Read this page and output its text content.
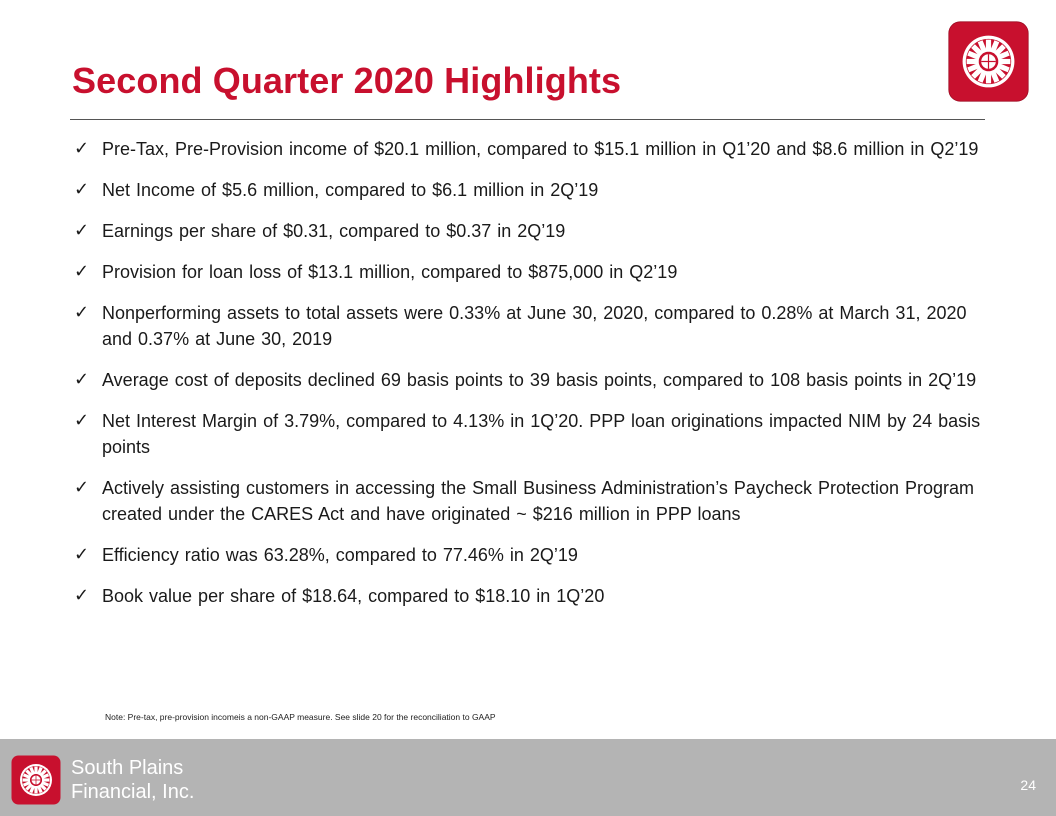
Second Quarter 2020 Highlights
✓ Pre-Tax, Pre-Provision income of $20.1 million, compared to $15.1 million in Q1’20 and $8.6 million in Q2’19
✓ Net Income of $5.6 million, compared to $6.1 million in 2Q’19
✓ Earnings per share of $0.31, compared to $0.37 in 2Q’19
✓ Provision for loan loss of $13.1 million, compared to $875,000 in Q2’19
✓ Nonperforming assets to total assets were 0.33% at June 30, 2020, compared to 0.28% at March 31, 2020 and 0.37% at June 30, 2019
✓ Average cost of deposits declined 69 basis points to 39 basis points, compared to 108 basis points in 2Q’19
✓ Net Interest Margin of 3.79%, compared to 4.13% in 1Q’20. PPP loan originations impacted NIM by 24 basis points
✓ Actively assisting customers in accessing the Small Business Administration’s Paycheck Protection Program created under the CARES Act and have originated ~ $216 million in PPP loans
✓ Efficiency ratio was 63.28%, compared to 77.46% in 2Q’19
✓ Book value per share of $18.64, compared to $18.10 in 1Q’20
Note: Pre-tax, pre-provision incomeis a non-GAAP measure. See slide 20 for the reconciliation to GAAP
South Plains
Financial, Inc.	24
